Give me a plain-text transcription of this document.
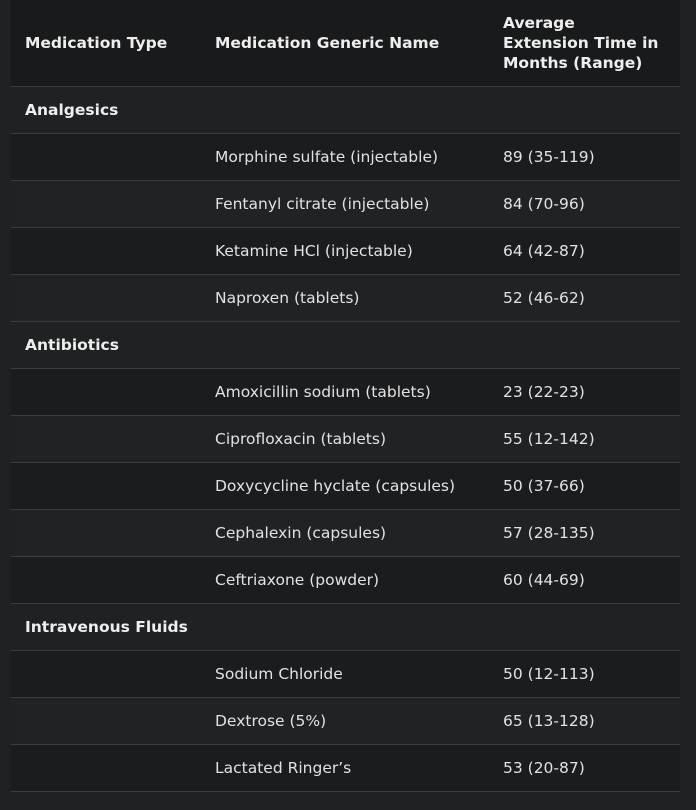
Medication Type	Medication Generic Name	Average Extension Time in Months (Range)
Analgesics		
	Morphine sulfate (injectable)	89 (35-119)
	Fentanyl citrate (injectable)	84 (70-96)
	Ketamine HCl (injectable)	64 (42-87)
	Naproxen (tablets)	52 (46-62)
Antibiotics		
	Amoxicillin sodium (tablets)	23 (22-23)
	Ciprofloxacin (tablets)	55 (12-142)
	Doxycycline hyclate (capsules)	50 (37-66)
	Cephalexin (capsules)	57 (28-135)
	Ceftriaxone (powder)	60 (44-69)
Intravenous Fluids		
	Sodium Chloride	50 (12-113)
	Dextrose (5%)	65 (13-128)
	Lactated Ringer’s	53 (20-87)
